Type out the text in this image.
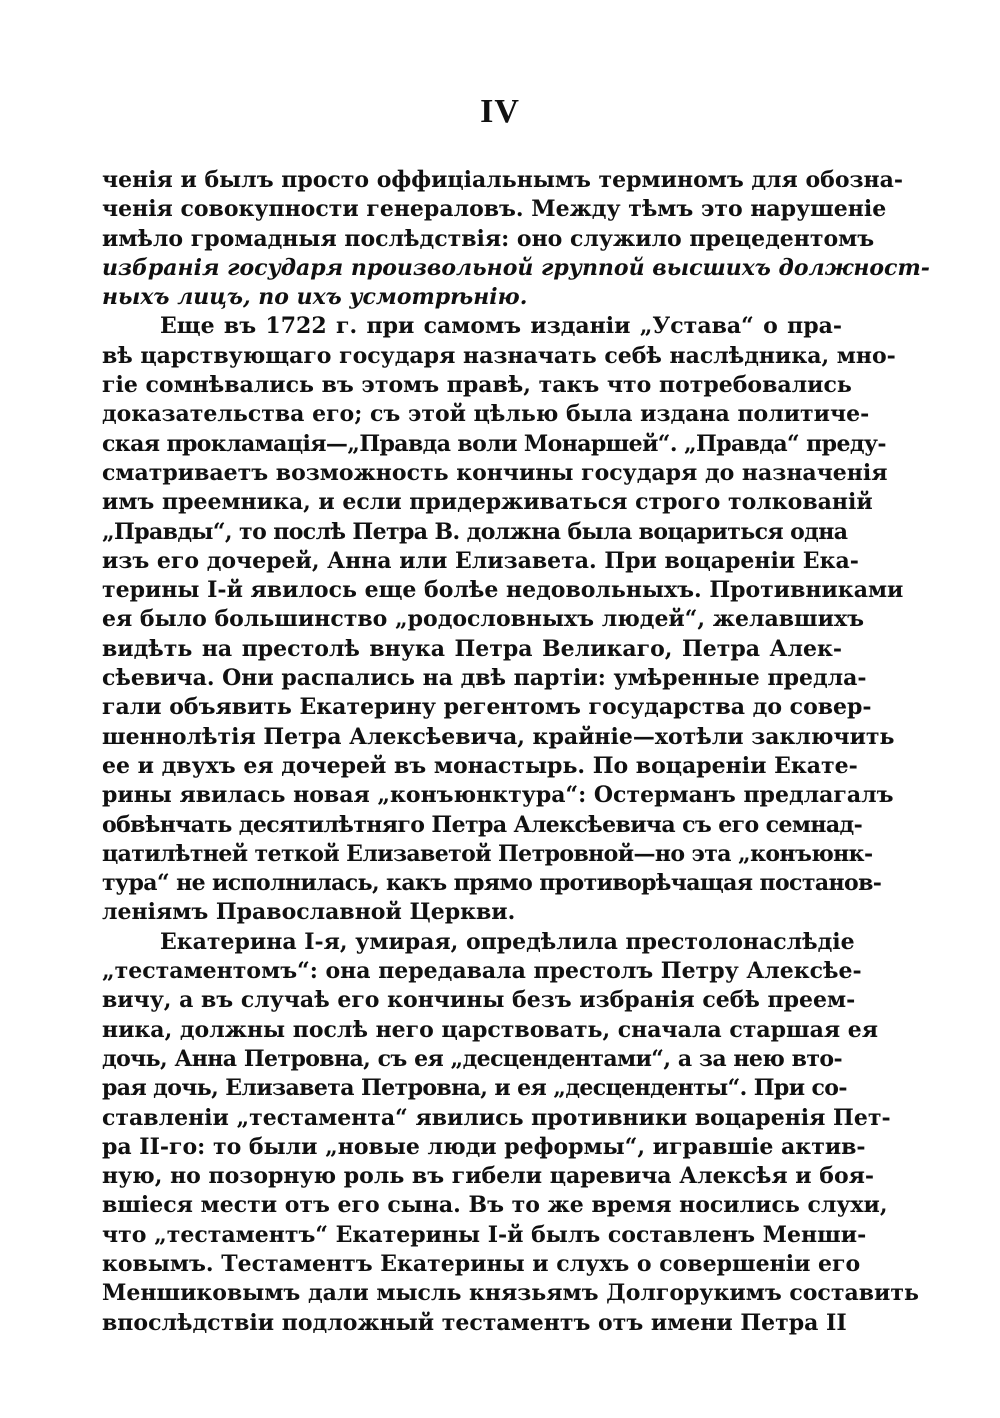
IV
ченія и былъ просто оффиціальнымъ терминомъ для обозна-
ченія совокупности генераловъ. Между тѣмъ это нарушеніе
имѣло громадныя послѣдствія: оно служило прецедентомъ
избранія государя произвольной группой высшихъ должност-
ныхъ лицъ, по ихъ усмотрѣнію.
Еще въ 1722 г. при самомъ изданіи „Устава“ о пра-
вѣ царствующаго государя назначать себѣ наслѣдника, мно-
гіе сомнѣвались въ этомъ правѣ, такъ что потребовались
доказательства его; съ этой цѣлью была издана политиче-
ская прокламація—„Правда воли Монаршей“. „Правда“ преду-
сматриваетъ возможность кончины государя до назначенія
имъ преемника, и если придерживаться строго толкованій
„Правды“, то послѣ Петра В. должна была воцариться одна
изъ его дочерей, Анна или Елизавета. При воцареніи Ека-
терины І-й явилось еще болѣе недовольныхъ. Противниками
ея было большинство „родословныхъ людей“, желавшихъ
видѣть на престолѣ внука Петра Великаго, Петра Алек-
сѣевича. Они распались на двѣ партіи: умѣренные предла-
гали объявить Екатерину регентомъ государства до совер-
шеннолѣтія Петра Алексѣевича, крайніе—хотѣли заключить
ее и двухъ ея дочерей въ монастырь. По воцареніи Екате-
рины явилась новая „конъюнктура“: Остерманъ предлагалъ
обвѣнчать десятилѣтняго Петра Алексѣевича съ его семнад-
цатилѣтней теткой Елизаветой Петровной—но эта „конъюнк-
тура“ не исполнилась, какъ прямо противорѣчащая постанов-
леніямъ Православной Церкви.
Екатерина І-я, умирая, опредѣлила престолонаслѣдіе
„тестаментомъ“: она передавала престолъ Петру Алексѣе-
вичу, а въ случаѣ его кончины безъ избранія себѣ преем-
ника, должны послѣ него царствовать, сначала старшая ея
дочь, Анна Петровна, съ ея „десцендентами“, а за нею вто-
рая дочь, Елизавета Петровна, и ея „десценденты“. При со-
ставленіи „тестамента“ явились противники воцаренія Пет-
ра ІІ-го: то были „новые люди реформы“, игравшіе актив-
ную, но позорную роль въ гибели царевича Алексѣя и боя-
вшіеся мести отъ его сына. Въ то же время носились слухи,
что „тестаментъ“ Екатерины І-й былъ составленъ Менши-
ковымъ. Тестаментъ Екатерины и слухъ о совершеніи его
Меншиковымъ дали мысль князьямъ Долгорукимъ составить
впослѣдствіи подложный тестаментъ отъ имени Петра ІІ
